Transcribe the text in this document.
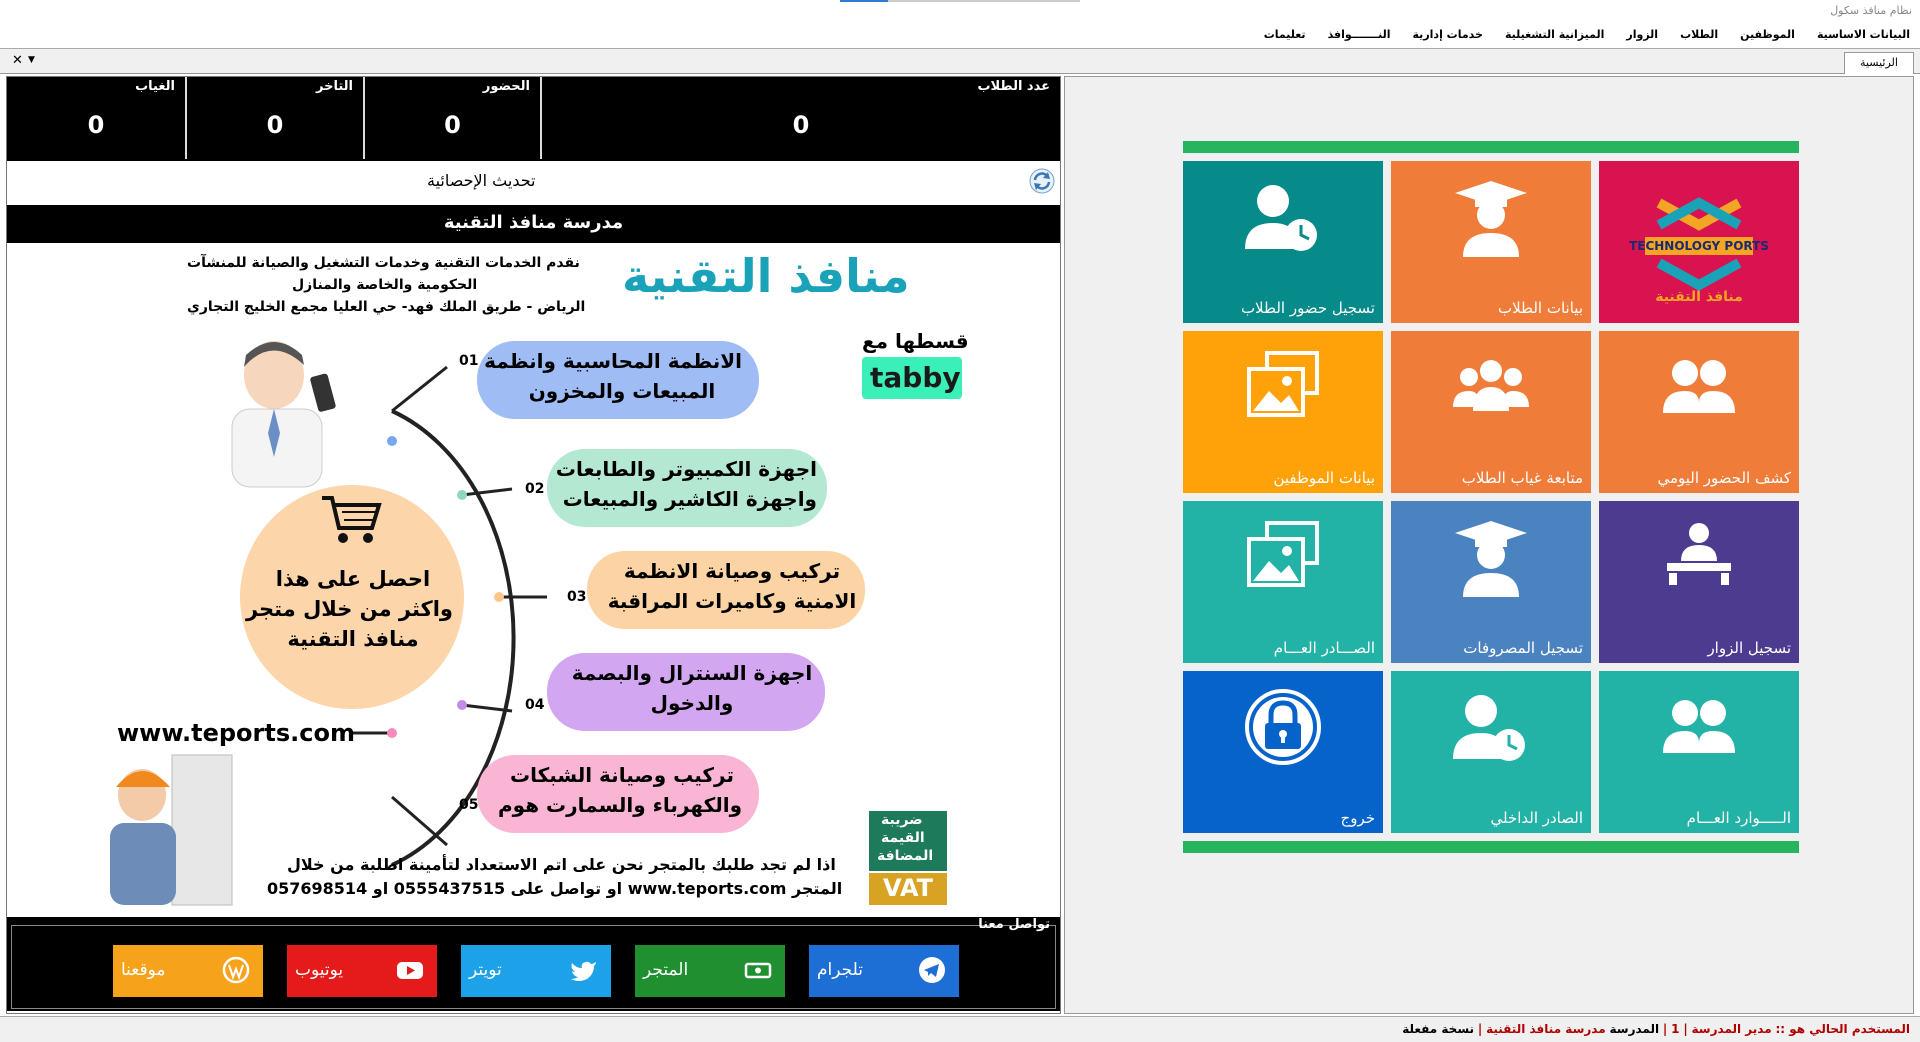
نظام منافذ سكول
البيانات الاساسية
الموظفين
الطلاب
الزوار
الميزانية التشغيلية
خدمات إدارية
النـــــــوافذ
تعليمات
✕ ▼	الرئيسية
عدد الطلاب
0
الحضور
0
التاخر
0
الغياب
0
تحديث الإحصائية
مدرسة منافذ التقنية
منافذ التقنية
نقدم الخدمات التقنية وخدمات التشغيل والصيانة للمنشآت
الحكومية والخاصة والمنازل
الرياض - طريق الملك فهد- حي العليا مجمع الخليج التجاري
قسطها مع
tabby
احصل على هذا
واكثر من خلال متجر
منافذ التقنية
01 الانظمة المحاسبية وانظمة
المبيعات والمخزون
02
اجهزة الكمبيوتر والطابعات
واجهزة الكاشير والمبيعات
03
تركيب وصيانة الانظمة
الامنية وكاميرات المراقبة
04
اجهزة السنترال والبصمة
والدخول
05
تركيب وصيانة الشبكات
والكهرباء والسمارت هوم
www.teports.com
اذا لم تجد طلبك بالمتجر نحن على اتم الاستعداد لتأمينة اطلبة من خلال
المتجر www.teports.com او تواصل على 0555437515 او 057698514
ضريبة
القيمة
المضافة
VAT
تواصل معنا
تلجرام
المتجر
تويتر
يوتيوب
موقعنا
TECHNOLOGY PORTS
منافذ التقنية
بيانات الطلاب
تسجيل حضور الطلاب
كشف الحضور اليومي
متابعة غياب الطلاب
بيانات الموظفين
تسجيل الزوار
تسجيل المصروفات
الصـــادر العـــام
الـــــوارد العـــام
الصادر الداخلي
خروج
المستخدم الحالي هو :: مدير المدرسة | 1 | المدرسة مدرسة منافذ التقنية | نسخة مفعلة
